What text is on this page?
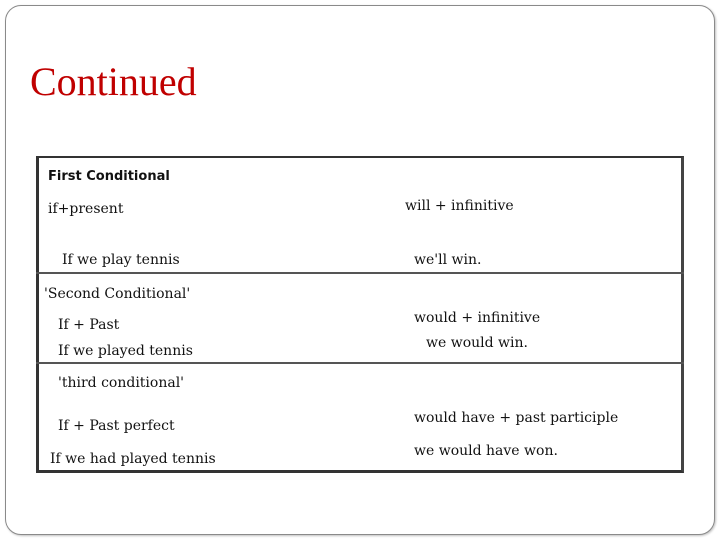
Continued
First Conditional
if+present	will + infinitive
If we play tennis	we'll win.
'Second Conditional'
If + Past	would + infinitive
If we played tennis	we would win.
'third conditional'
If + Past perfect	would have + past participle
If we had played tennis	we would have won.
